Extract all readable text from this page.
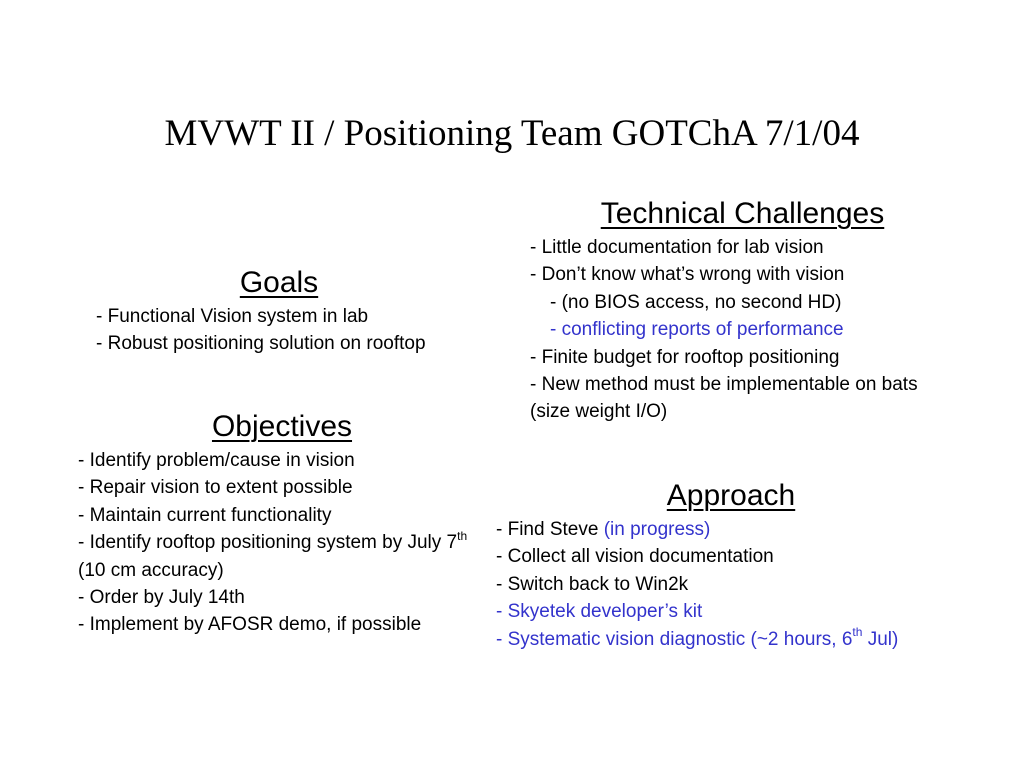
MVWT II / Positioning Team GOTChA 7/1/04
Goals
- Functional Vision system in lab
- Robust positioning solution on rooftop
Objectives
- Identify problem/cause in vision
- Repair vision to extent possible
- Maintain current functionality
- Identify rooftop positioning system by July 7th (10 cm accuracy)
- Order by July 14th
- Implement by AFOSR demo, if possible
Technical Challenges
- Little documentation for lab vision
- Don’t know what’s wrong with vision
- (no BIOS access, no second HD)
- conflicting reports of performance
- Finite budget for rooftop positioning
- New method must be implementable on bats (size weight I/O)
Approach
- Find Steve (in progress)
- Collect all vision documentation
- Switch back to Win2k
- Skyetek developer’s kit
- Systematic vision diagnostic (~2 hours, 6th Jul)
